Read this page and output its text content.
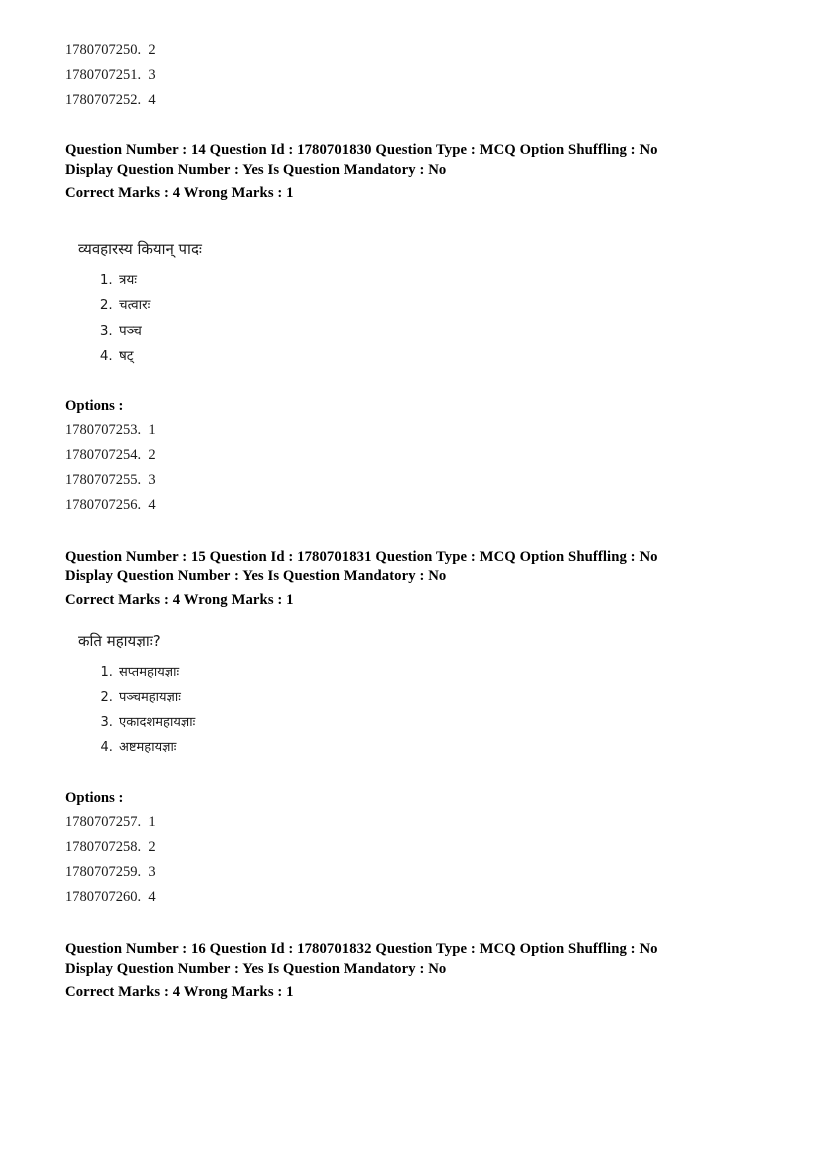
1780707250.  2
1780707251.  3
1780707252.  4
Question Number : 14 Question Id : 1780701830 Question Type : MCQ Option Shuffling : No
Display Question Number : Yes Is Question Mandatory : No
Correct Marks : 4 Wrong Marks : 1
व्यवहारस्य कियान् पादः
1. त्रयः
2. चत्वारः
3. पञ्च
4. षट्
Options :
1780707253.  1
1780707254.  2
1780707255.  3
1780707256.  4
Question Number : 15 Question Id : 1780701831 Question Type : MCQ Option Shuffling : No
Display Question Number : Yes Is Question Mandatory : No
Correct Marks : 4 Wrong Marks : 1
कति महायज्ञाः?
1. सप्तमहायज्ञाः
2. पञ्चमहायज्ञाः
3. एकादशमहायज्ञाः
4. अष्टमहायज्ञाः
Options :
1780707257.  1
1780707258.  2
1780707259.  3
1780707260.  4
Question Number : 16 Question Id : 1780701832 Question Type : MCQ Option Shuffling : No
Display Question Number : Yes Is Question Mandatory : No
Correct Marks : 4 Wrong Marks : 1
